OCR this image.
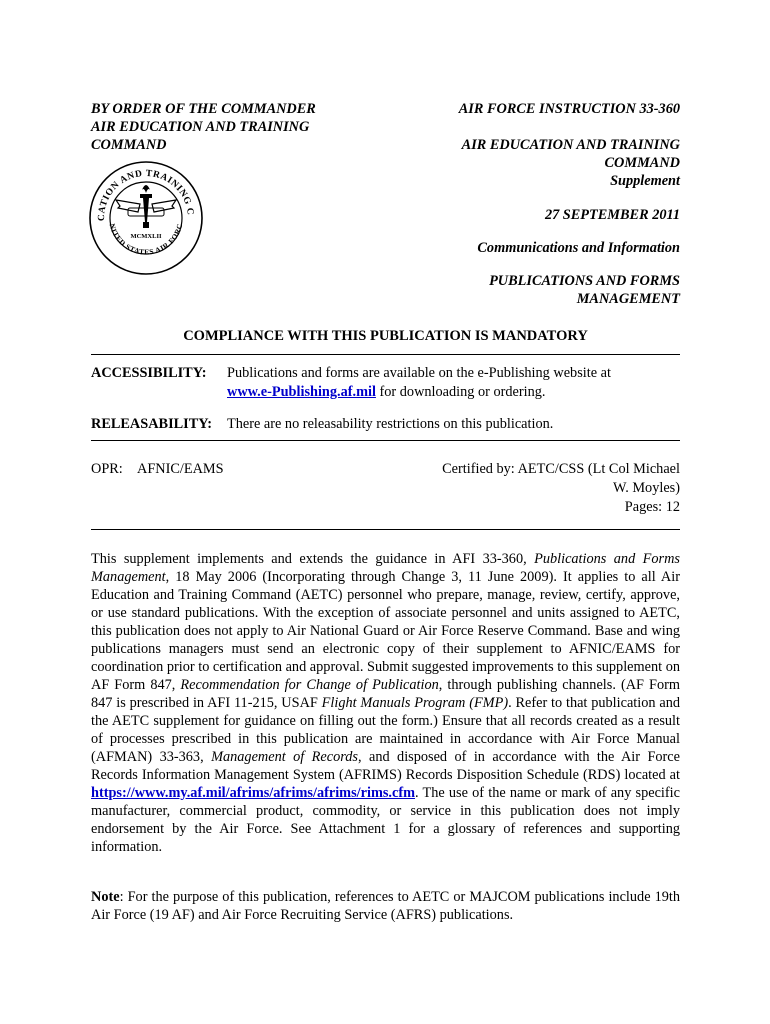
BY ORDER OF THE COMMANDER
AIR EDUCATION AND TRAINING
COMMAND
CATION AND TRAINING C
NITED STATES AIR FORC
MCMXLII
AIR FORCE INSTRUCTION 33-360
AIR EDUCATION AND TRAINING
COMMAND
Supplement
27 SEPTEMBER 2011
Communications and Information
PUBLICATIONS AND FORMS
MANAGEMENT
COMPLIANCE WITH THIS PUBLICATION IS MANDATORY
ACCESSIBILITY: Publications and forms are available on the e-Publishing website at
www.e-Publishing.af.mil for downloading or ordering.
RELEASABILITY: There are no releasability restrictions on this publication.
OPR: AFNIC/EAMS	Certified by: AETC/CSS (Lt Col Michael
W. Moyles)
Pages: 12

This supplement implements and extends the guidance in AFI 33-360, Publications and Forms Management, 18 May 2006 (Incorporating through Change 3, 11 June 2009). It applies to all Air Education and Training Command (AETC) personnel who prepare, manage, review, certify, approve, or use standard publications. With the exception of associate personnel and units assigned to AETC, this publication does not apply to Air National Guard or Air Force Reserve Command. Base and wing publications managers must send an electronic copy of their supplement to AFNIC/EAMS for coordination prior to certification and approval. Submit suggested improvements to this supplement on AF Form 847, Recommendation for Change of Publication, through publishing channels. (AF Form 847 is prescribed in AFI 11-215, USAF Flight Manuals Program (FMP). Refer to that publication and the AETC supplement for guidance on filling out the form.) Ensure that all records created as a result of processes prescribed in this publication are maintained in accordance with Air Force Manual (AFMAN) 33-363, Management of Records, and disposed of in accordance with the Air Force Records Information Management System (AFRIMS) Records Disposition Schedule (RDS) located at https://www.my.af.mil/afrims/afrims/afrims/rims.cfm. The use of the name or mark of any specific manufacturer, commercial product, commodity, or service in this publication does not imply endorsement by the Air Force. See Attachment 1 for a glossary of references and supporting information.

Note: For the purpose of this publication, references to AETC or MAJCOM publications include 19th Air Force (19 AF) and Air Force Recruiting Service (AFRS) publications.
